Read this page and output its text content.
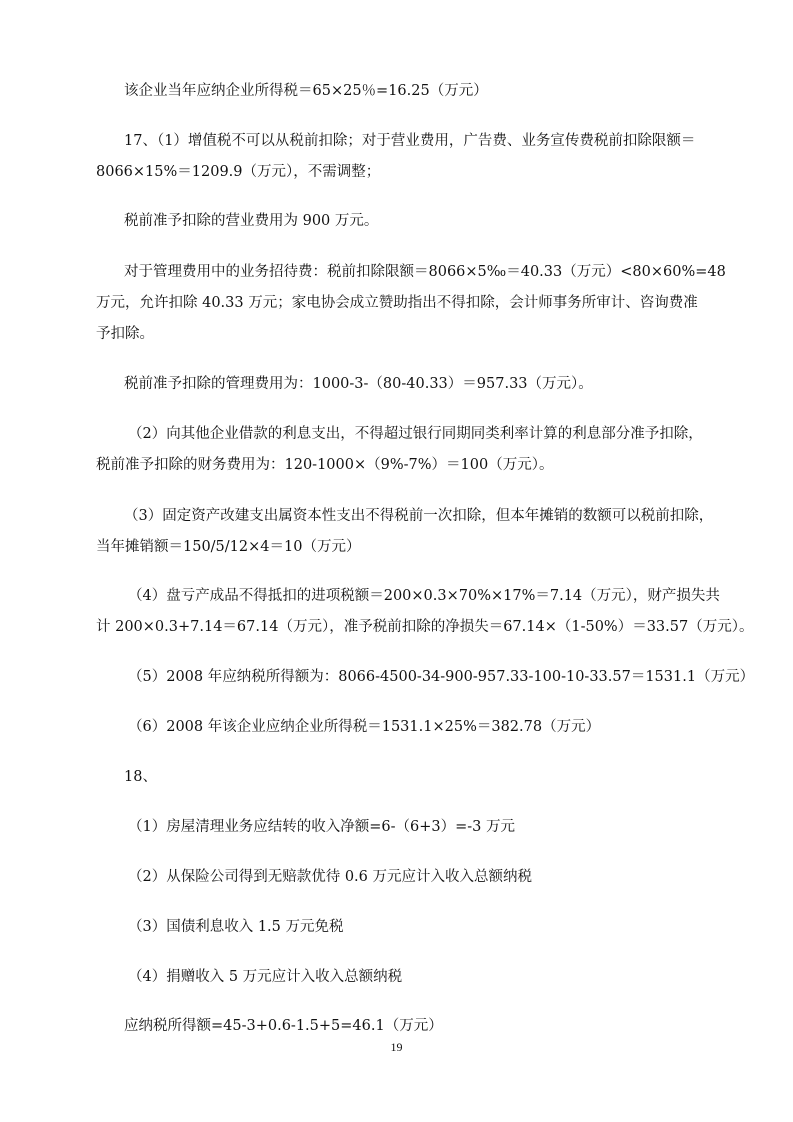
该企业当年应纳企业所得税＝65×25％=16.25（万元）

17、（1）增值税不可以从税前扣除；对于营业费用，广告费、业务宣传费税前扣除限额＝

8066×15%＝1209.9（万元），不需调整；

税前准予扣除的营业费用为 900 万元。

对于管理费用中的业务招待费：税前扣除限额＝8066×5‰＝40.33（万元）<80×60%=48

万元，允许扣除 40.33 万元；家电协会成立赞助指出不得扣除，会计师事务所审计、咨询费准

予扣除。

税前准予扣除的管理费用为：1000-3-（80-40.33）＝957.33（万元）。

（2）向其他企业借款的利息支出，不得超过银行同期同类利率计算的利息部分准予扣除，

税前准予扣除的财务费用为：120-1000×（9%-7%）＝100（万元）。

（3）固定资产改建支出属资本性支出不得税前一次扣除，但本年摊销的数额可以税前扣除，

当年摊销额＝150/5/12×4＝10（万元）

（4）盘亏产成品不得抵扣的进项税额＝200×0.3×70%×17%＝7.14（万元），财产损失共

计 200×0.3+7.14＝67.14（万元），准予税前扣除的净损失＝67.14×（1-50%）＝33.57（万元）。

（5）2008 年应纳税所得额为：8066-4500-34-900-957.33-100-10-33.57＝1531.1（万元）

（6）2008 年该企业应纳企业所得税＝1531.1×25%＝382.78（万元）

18、

（1）房屋清理业务应结转的收入净额=6-（6+3）=-3 万元

（2）从保险公司得到无赔款优待 0.6 万元应计入收入总额纳税

（3）国债利息收入 1.5 万元免税

（4）捐赠收入 5 万元应计入收入总额纳税

应纳税所得额=45-3+0.6-1.5+5=46.1（万元）

19
